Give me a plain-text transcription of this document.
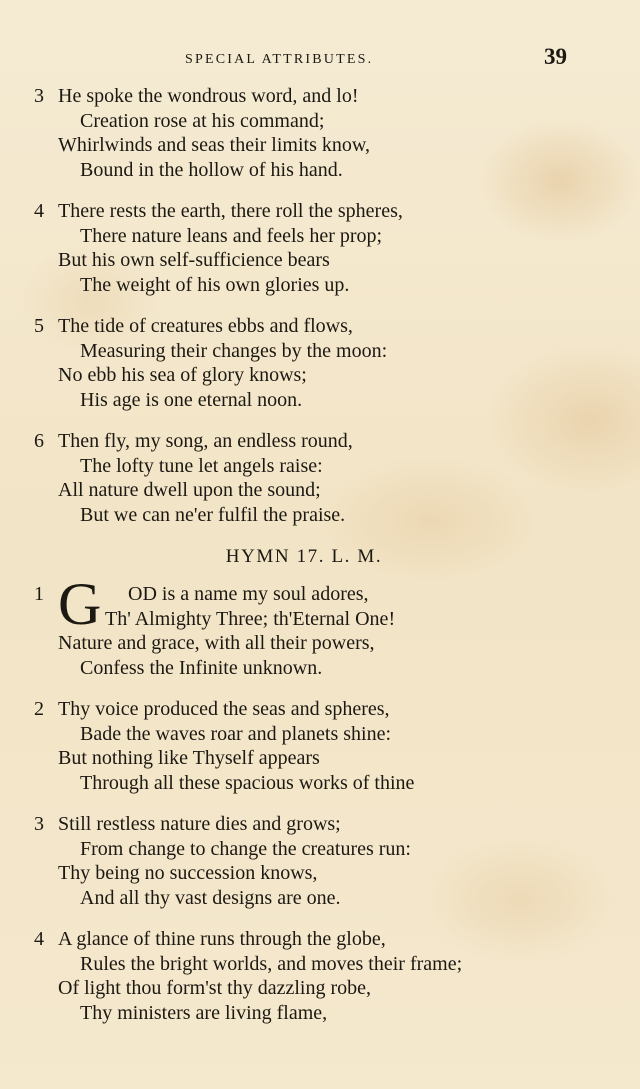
SPECIAL ATTRIBUTES.	39
3 He spoke the wondrous word, and lo!
Creation rose at his command;
Whirlwinds and seas their limits know,
Bound in the hollow of his hand.
4 There rests the earth, there roll the spheres,
There nature leans and feels her prop;
But his own self-sufficience bears
The weight of his own glories up.
5 The tide of creatures ebbs and flows,
Measuring their changes by the moon:
No ebb his sea of glory knows;
His age is one eternal noon.
6 Then fly, my song, an endless round,
The lofty tune let angels raise:
All nature dwell upon the sound;
But we can ne'er fulfil the praise.
HYMN 17. L. M.
1 G OD is a name my soul adores,
Th' Almighty Three; th'Eternal One!
Nature and grace, with all their powers,
Confess the Infinite unknown.
2 Thy voice produced the seas and spheres,
Bade the waves roar and planets shine:
But nothing like Thyself appears
Through all these spacious works of thine
3 Still restless nature dies and grows;
From change to change the creatures run:
Thy being no succession knows,
And all thy vast designs are one.
4 A glance of thine runs through the globe,
Rules the bright worlds, and moves their frame;
Of light thou form'st thy dazzling robe,
Thy ministers are living flame,
